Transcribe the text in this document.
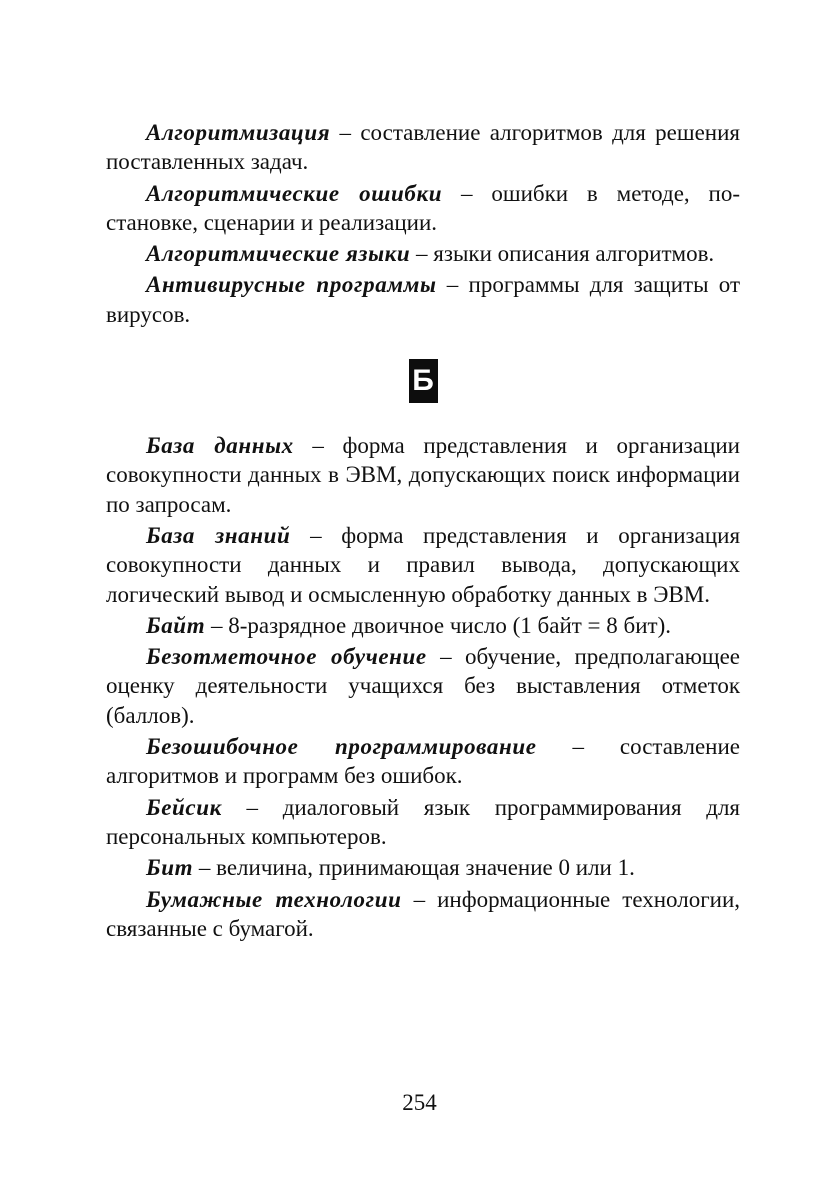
Алгоритмизация – составление алгоритмов для решения поставленных задач.

Алгоритмические ошибки – ошибки в методе, постановке, сценарии и реализации.

Алгоритмические языки – языки описания алгоритмов.

Антивирусные программы – программы для защиты от вирусов.

Б

База данных – форма представления и организации совокупности данных в ЭВМ, допускающих поиск информации по запросам.

База знаний – форма представления и организация совокупности данных и правил вывода, допускающих логический вывод и осмысленную обработку данных в ЭВМ.

Байт – 8-разрядное двоичное число (1 байт = 8 бит).

Безотметочное обучение – обучение, предполагающее оценку деятельности учащихся без выставления отметок (баллов).

Безошибочное программирование – составление алгоритмов и программ без ошибок.

Бейсик – диалоговый язык программирования для персональных компьютеров.

Бит – величина, принимающая значение 0 или 1.

Бумажные технологии – информационные технологии, связанные с бумагой.

254
